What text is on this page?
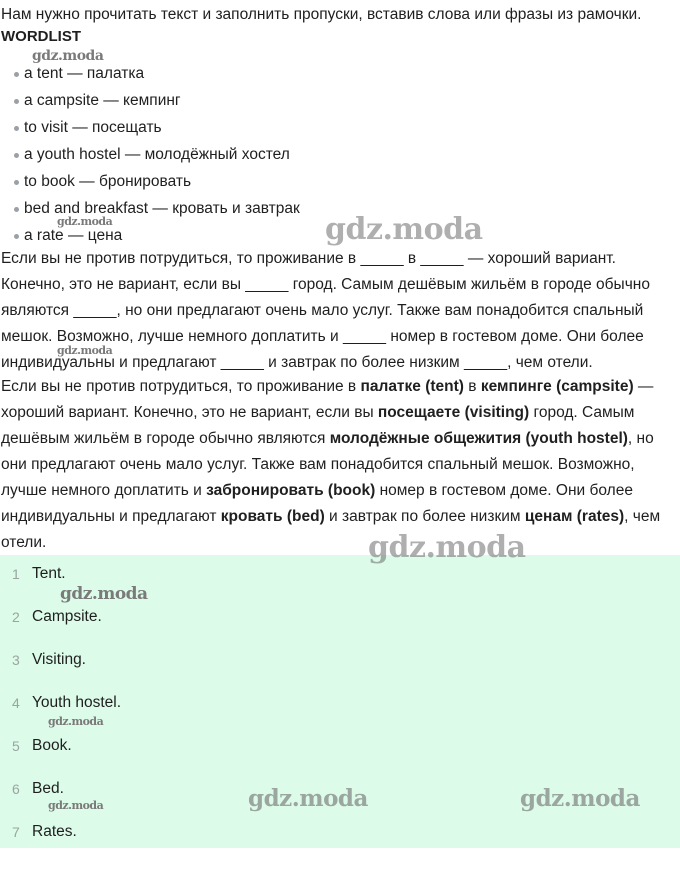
Нам нужно прочитать текст и заполнить пропуски, вставив слова или фразы из рамочки.
WORDLIST
a tent — палатка
a campsite — кемпинг
to visit — посещать
a youth hostel — молодёжный хостел
to book — бронировать
bed and breakfast — кровать и завтрак
a rate — цена

Если вы не против потрудиться, то проживание в _____ в _____ — хороший вариант. Конечно, это не вариант, если вы _____ город. Самым дешёвым жильём в городе обычно являются _____, но они предлагают очень мало услуг. Также вам понадобится спальный мешок. Возможно, лучше немного доплатить и _____ номер в гостевом доме. Они более индивидуальны и предлагают _____ и завтрак по более низким _____, чем отели.

Если вы не против потрудиться, то проживание в палатке (tent) в кемпинге (campsite) — хороший вариант. Конечно, это не вариант, если вы посещаете (visiting) город. Самым дешёвым жильём в городе обычно являются молодёжные общежития (youth hostel), но они предлагают очень мало услуг. Также вам понадобится спальный мешок. Возможно, лучше немного доплатить и забронировать (book) номер в гостевом доме. Они более индивидуальны и предлагают кровать (bed) и завтрак по более низким ценам (rates), чем отели.

1 Tent.
2 Campsite.
3 Visiting.
4 Youth hostel.
5 Book.
6 Bed.
7 Rates.
gdz.moda
gdz.moda	gdz.moda
gdz.moda
gdz.moda
gdz.moda
gdz.moda
gdz.moda	gdz.moda
gdz.moda
